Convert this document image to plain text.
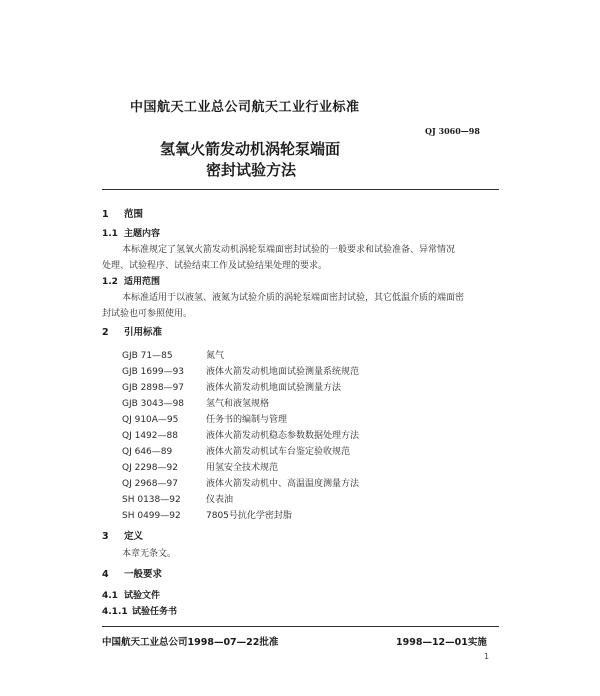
中国航天工业总公司航天工业行业标准
QJ 3060—98
氢氧火箭发动机涡轮泵端面
密封试验方法
1 范围
1.1 主题内容
本标准规定了氢氧火箭发动机涡轮泵端面密封试验的一般要求和试验准备、异常情况
处理、试验程序、试验结束工作及试验结果处理的要求。
1.2 适用范围
本标准适用于以液氢、液氮为试验介质的涡轮泵端面密封试验，其它低温介质的端面密
封试验也可参照使用。
2 引用标准
GJB 71—85	氮气
GJB 1699—93 液体火箭发动机地面试验测量系统规范
GJB 2898—97 液体火箭发动机地面试验测量方法
GJB 3043—98 氢气和液氢规格
QJ 910A—95	任务书的编制与管理
QJ 1492—88	液体火箭发动机稳态参数数据处理方法
QJ 646—89	液体火箭发动机试车台鉴定验收规范
QJ 2298—92	用氢安全技术规范
QJ 2968—97	液体火箭发动机中、高温温度测量方法
SH 0138—92	仪表油
SH 0499—92	7805号抗化学密封脂
3 定义
本章无条文。
4 一般要求
4.1 试验文件
4.1.1 试验任务书
中国航天工业总公司1998—07—22批准	1998—12—01实施
1
